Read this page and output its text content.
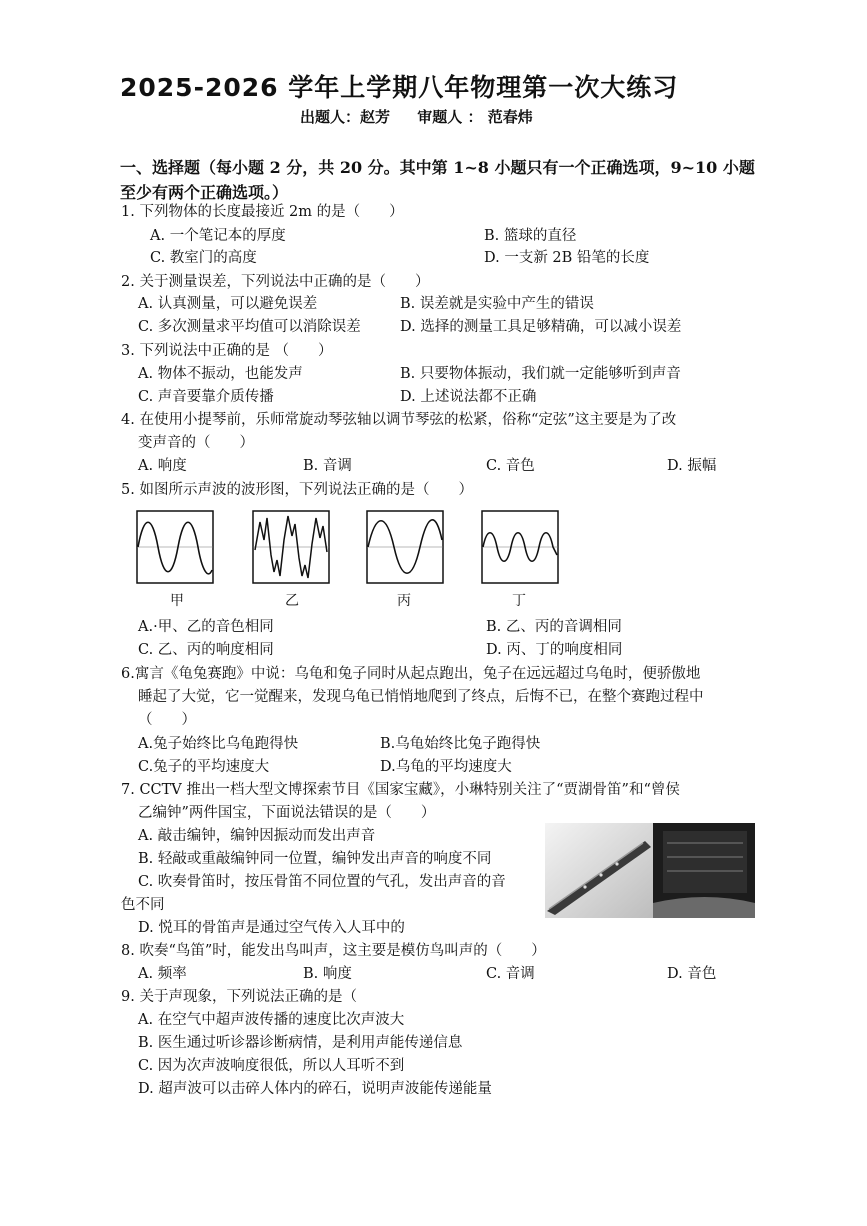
2025-2026 学年上学期八年物理第一次大练习
出题人：赵芳 审题人 ： 范春炜
一、选择题（每小题 2 分，共 20 分。其中第 1~8 小题只有一个正确选项，9~10 小题至少有两个正确选项。）
1. 下列物体的长度最接近 2m 的是（　　）
A. 一个笔记本的厚度	B. 篮球的直径
C. 教室门的高度	D. 一支新 2B 铅笔的长度
2. 关于测量误差，下列说法中正确的是（　　）
A. 认真测量，可以避免误差	B. 误差就是实验中产生的错误
C. 多次测量求平均值可以消除误差	D. 选择的测量工具足够精确，可以减小误差
3. 下列说法中正确的是 （　　）
A. 物体不振动，也能发声	B. 只要物体振动，我们就一定能够听到声音
C. 声音要靠介质传播	D. 上述说法都不正确
4. 在使用小提琴前，乐师常旋动琴弦轴以调节琴弦的松紧，俗称“定弦”这主要是为了改
变声音的（　　）
A. 响度	B. 音调	C. 音色	D. 振幅
5. 如图所示声波的波形图，下列说法正确的是（　　）
甲	乙	丙	丁
A.·甲、乙的音色相同	B. 乙、丙的音调相同
C. 乙、丙的响度相同	D. 丙、丁的响度相同
6.寓言《龟兔赛跑》中说：乌龟和兔子同时从起点跑出，兔子在远远超过乌龟时，便骄傲地
睡起了大觉，它一觉醒来，发现乌龟已悄悄地爬到了终点，后悔不已，在整个赛跑过程中
（　　）
A.兔子始终比乌龟跑得快	B.乌龟始终比兔子跑得快
C.兔子的平均速度大	D.乌龟的平均速度大
7. CCTV 推出一档大型文博探索节目《国家宝藏》，小琳特别关注了“贾湖骨笛”和“曾侯
乙编钟”两件国宝，下面说法错误的是（　　）
A. 敲击编钟，编钟因振动而发出声音
B. 轻敲或重敲编钟同一位置，编钟发出声音的响度不同
C. 吹奏骨笛时，按压骨笛不同位置的气孔，发出声音的音
色不同
D. 悦耳的骨笛声是通过空气传入人耳中的
8. 吹奏“鸟笛”时，能发出鸟叫声，这主要是模仿鸟叫声的（　　）
A. 频率	B. 响度	C. 音调	D. 音色
9. 关于声现象，下列说法正确的是（
A. 在空气中超声波传播的速度比次声波大
B. 医生通过听诊器诊断病情，是利用声能传递信息
C. 因为次声波响度很低，所以人耳听不到
D. 超声波可以击碎人体内的碎石，说明声波能传递能量
